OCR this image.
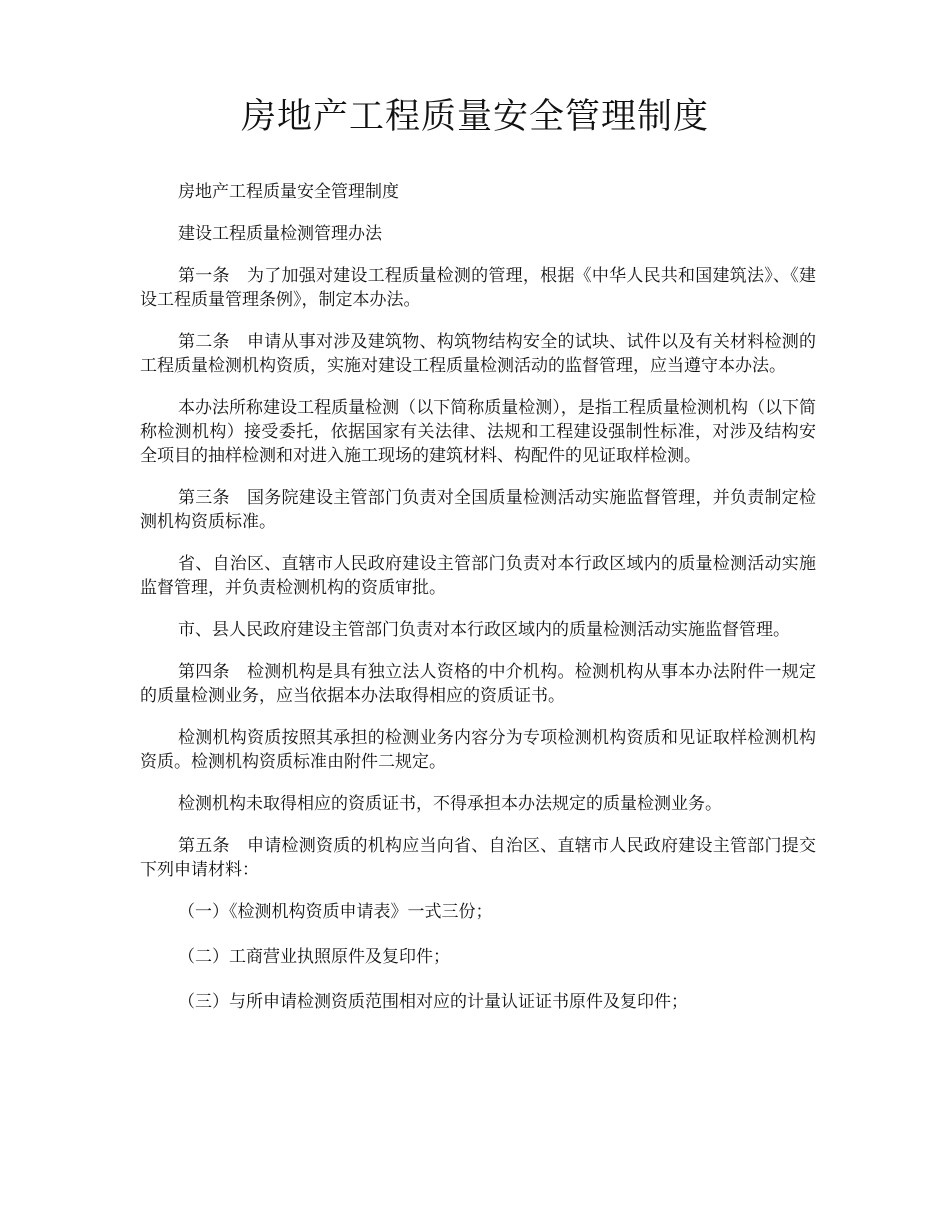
房地产工程质量安全管理制度

房地产工程质量安全管理制度

建设工程质量检测管理办法

第一条　为了加强对建设工程质量检测的管理，根据《中华人民共和国建筑法》、《建设工程质量管理条例》，制定本办法。

第二条　申请从事对涉及建筑物、构筑物结构安全的试块、试件以及有关材料检测的工程质量检测机构资质，实施对建设工程质量检测活动的监督管理，应当遵守本办法。

本办法所称建设工程质量检测（以下简称质量检测），是指工程质量检测机构（以下简称检测机构）接受委托，依据国家有关法律、法规和工程建设强制性标准，对涉及结构安全项目的抽样检测和对进入施工现场的建筑材料、构配件的见证取样检测。

第三条　国务院建设主管部门负责对全国质量检测活动实施监督管理，并负责制定检测机构资质标准。

省、自治区、直辖市人民政府建设主管部门负责对本行政区域内的质量检测活动实施监督管理，并负责检测机构的资质审批。

市、县人民政府建设主管部门负责对本行政区域内的质量检测活动实施监督管理。

第四条　检测机构是具有独立法人资格的中介机构。检测机构从事本办法附件一规定的质量检测业务，应当依据本办法取得相应的资质证书。

检测机构资质按照其承担的检测业务内容分为专项检测机构资质和见证取样检测机构资质。检测机构资质标准由附件二规定。

检测机构未取得相应的资质证书，不得承担本办法规定的质量检测业务。

第五条　申请检测资质的机构应当向省、自治区、直辖市人民政府建设主管部门提交下列申请材料：

（一）《检测机构资质申请表》一式三份；

（二）工商营业执照原件及复印件；

（三）与所申请检测资质范围相对应的计量认证证书原件及复印件；
